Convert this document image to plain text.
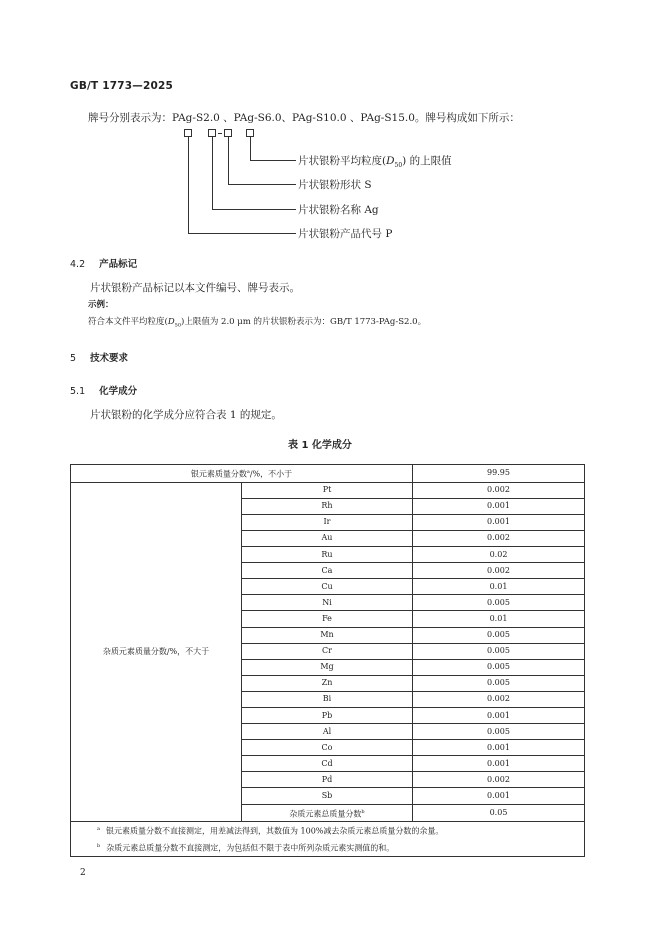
GB/T 1773—2025
牌号分别表示为：PAg-S2.0 、PAg-S6.0、PAg-S10.0 、PAg-S15.0。牌号构成如下所示：
片状银粉平均粒度$(D_{50})$ 的上限值
片状银粉形状 S
片状银粉名称 Ag
片状银粉产品代号 P
4.2 产品标记
片状银粉产品标记以本文件编号、牌号表示。
示例：
符合本文件平均粒度$(D_{50})$上限值为 2.0 μm 的片状银粉表示为：GB/T 1773-PAg-S2.0。
5 技术要求
5.1 化学成分
片状银粉的化学成分应符合表 1 的规定。
表 1 化学成分
银元素质量分数$^a$/%，不小于		99.95
杂质元素质量分数/%，不大于	Pt	0.002
	Rh	0.001
	Ir	0.001
	Au	0.002
	Ru	0.02
	Ca	0.002
	Cu	0.01
	Ni	0.005
	Fe	0.01
	Mn	0.005
	Cr	0.005
	Mg	0.005
	Zn	0.005
	Bi	0.002
	Pb	0.001
	Al	0.005
	Co	0.001
	Cd	0.001
	Pd	0.002
	Sb	0.001
	杂质元素总质量分数$^b$	0.05
$^a$ 银元素质量分数不直接测定，用差减法得到，其数值为 100%减去杂质元素总质量分数的余量。		
$^b$ 杂质元素总质量分数不直接测定，为包括但不限于表中所列杂质元素实测值的和。		
2
